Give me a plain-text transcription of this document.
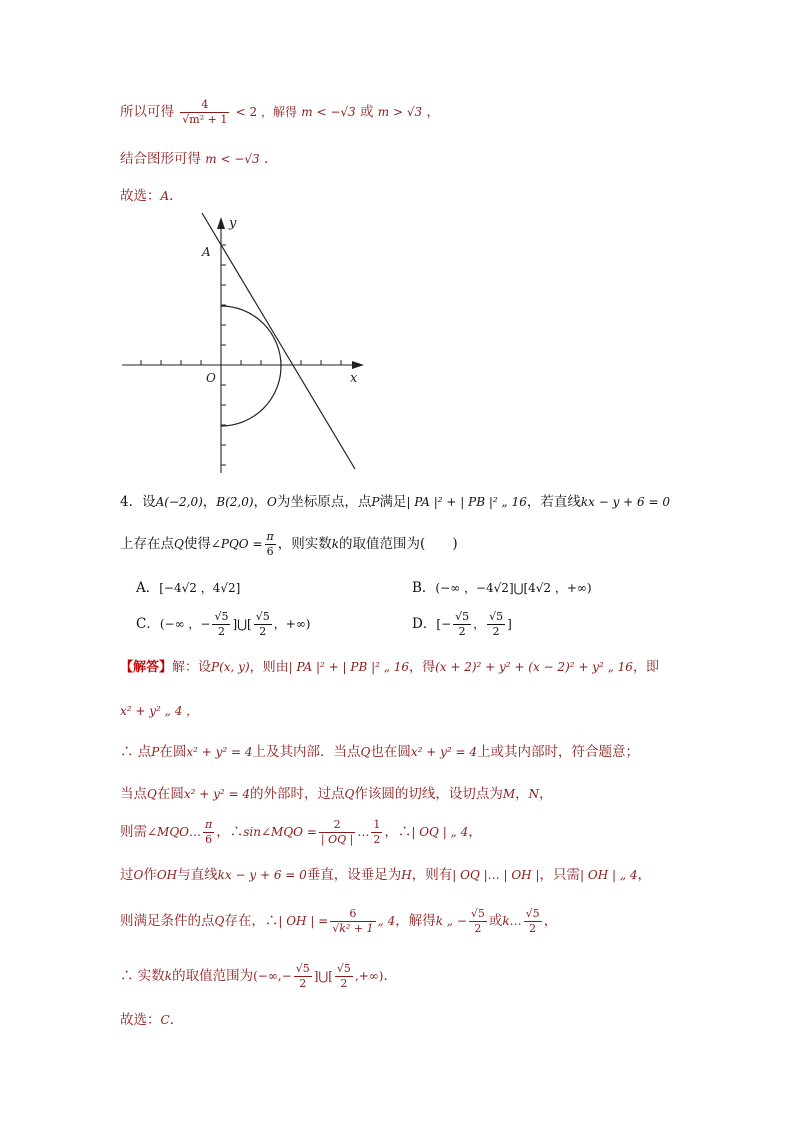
所以可得 $\frac{4}{\text{√m² + 1}} < 2$ ，解得 m < −√3 或 m > √3 ，
结合图形可得 m < −√3 .
故选：A.
y
x
O
A
4．设A(−2,0)，B(2,0)，O为坐标原点，点P满足| PA |² + | PB |² „ 16，若直线kx − y + 6 = 0
上存在点Q使得∠PQO = $\frac{\pi}{6}$ ，则实数k的取值范围为(　　)
A．[−4√2 ，4√2]	B．(−∞ ，−4√2]⋃[4√2 ，+∞)
C．(−∞ ，− $\frac{√5}{2}$ ]⋃[ $\frac{√5}{2}$ ，+∞)	D．[− $\frac{√5}{2}$ ， $\frac{√5}{2}$ ]
【解答】解：设P(x, y)，则由| PA |² + | PB |² „ 16，得(x + 2)² + y² + (x − 2)² + y² „ 16，即
x² + y² „ 4 ，
∴ 点P在圆x² + y² = 4上及其内部．当点Q也在圆x² + y² = 4上或其内部时，符合题意；
当点Q在圆x² + y² = 4的外部时，过点Q作该圆的切线，设切点为M，N，
则需∠MQO… $\frac{\pi}{6}$ ，∴sin∠MQO = $\frac{2}{| OQ |}$ … $\frac{1}{2}$ ，∴| OQ | „ 4，
过O作OH与直线kx − y + 6 = 0垂直，设垂足为H，则有| OQ |… | OH |，只需| OH | „ 4，
则满足条件的点Q存在，∴| OH | = $\frac{6}{\text{√k² + 1}}$ „ 4，解得k „ − $\frac{√5}{2}$ 或k… $\frac{√5}{2}$ ，
∴ 实数k的取值范围为(−∞,− $\frac{√5}{2}$ ]⋃[ $\frac{√5}{2}$ ,+∞)．
故选：C．
